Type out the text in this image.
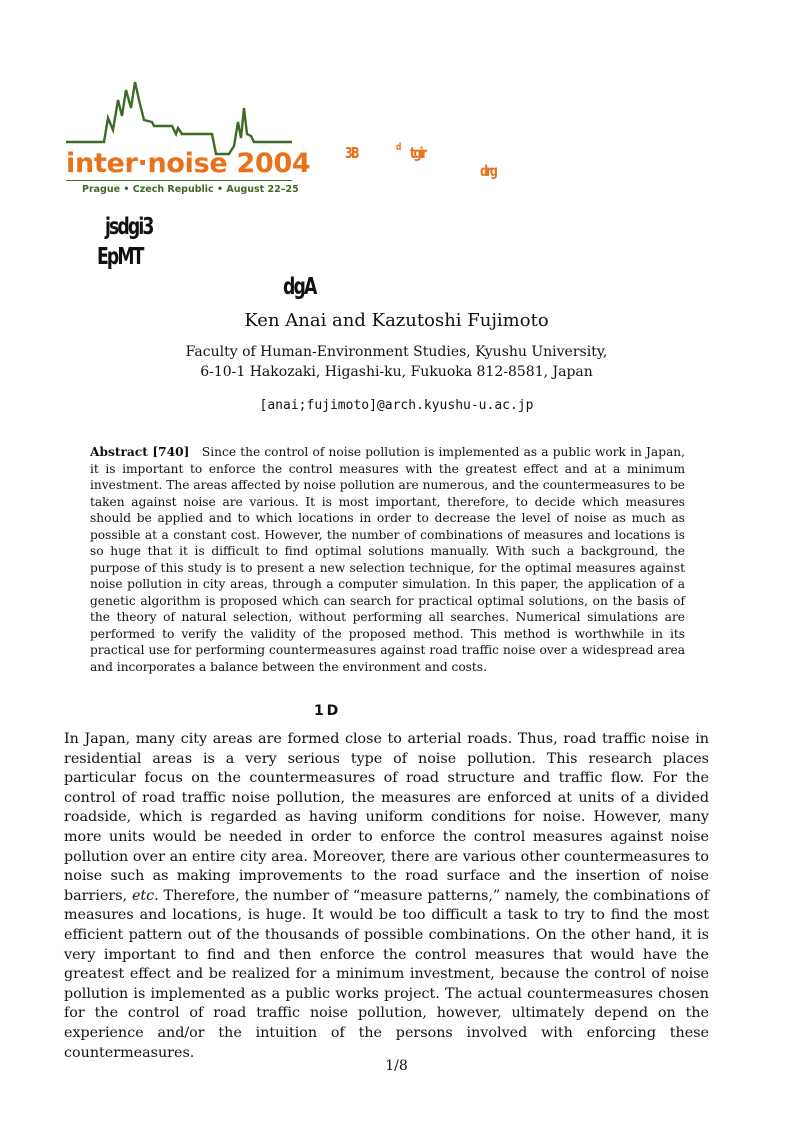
inter·noise 2004
Prague • Czech Republic • August 22–25
3B	d tgir
drg
jsdgi3
EpMT
dgA
Ken Anai and Kazutoshi Fujimoto
Faculty of Human-Environment Studies, Kyushu University,
6-10-1 Hakozaki, Higashi-ku, Fukuoka 812-8581, Japan
[anai;fujimoto]@arch.kyushu-u.ac.jp
Abstract [740] Since the control of noise pollution is implemented as a public work in Japan, it is important to enforce the control measures with the greatest effect and at a minimum investment. The areas affected by noise pollution are numerous, and the countermeasures to be taken against noise are various. It is most important, therefore, to decide which measures should be applied and to which locations in order to decrease the level of noise as much as possible at a constant cost. However, the number of combinations of measures and locations is so huge that it is difficult to find optimal solutions manually. With such a background, the purpose of this study is to present a new selection technique, for the optimal measures against noise pollution in city areas, through a computer simulation. In this paper, the application of a genetic algorithm is proposed which can search for practical optimal solutions, on the basis of the theory of natural selection, without performing all searches. Numerical simulations are performed to verify the validity of the proposed method. This method is worthwhile in its practical use for performing countermeasures against road traffic noise over a widespread area and incorporates a balance between the environment and costs.
1 D
In Japan, many city areas are formed close to arterial roads. Thus, road traffic noise in residential areas is a very serious type of noise pollution. This research places particular focus on the countermeasures of road structure and traffic flow. For the control of road traffic noise pollution, the measures are enforced at units of a divided roadside, which is regarded as having uniform conditions for noise. However, many more units would be needed in order to enforce the control measures against noise pollution over an entire city area. Moreover, there are various other countermeasures to noise such as making improvements to the road surface and the insertion of noise barriers, etc. Therefore, the number of “measure patterns,” namely, the combinations of measures and locations, is huge. It would be too difficult a task to try to find the most efficient pattern out of the thousands of possible combinations. On the other hand, it is very important to find and then enforce the control measures that would have the greatest effect and be realized for a minimum investment, because the control of noise pollution is implemented as a public works project. The actual countermeasures chosen for the control of road traffic noise pollution, however, ultimately depend on the experience and/or the intuition of the persons involved with enforcing these countermeasures.
1/8
